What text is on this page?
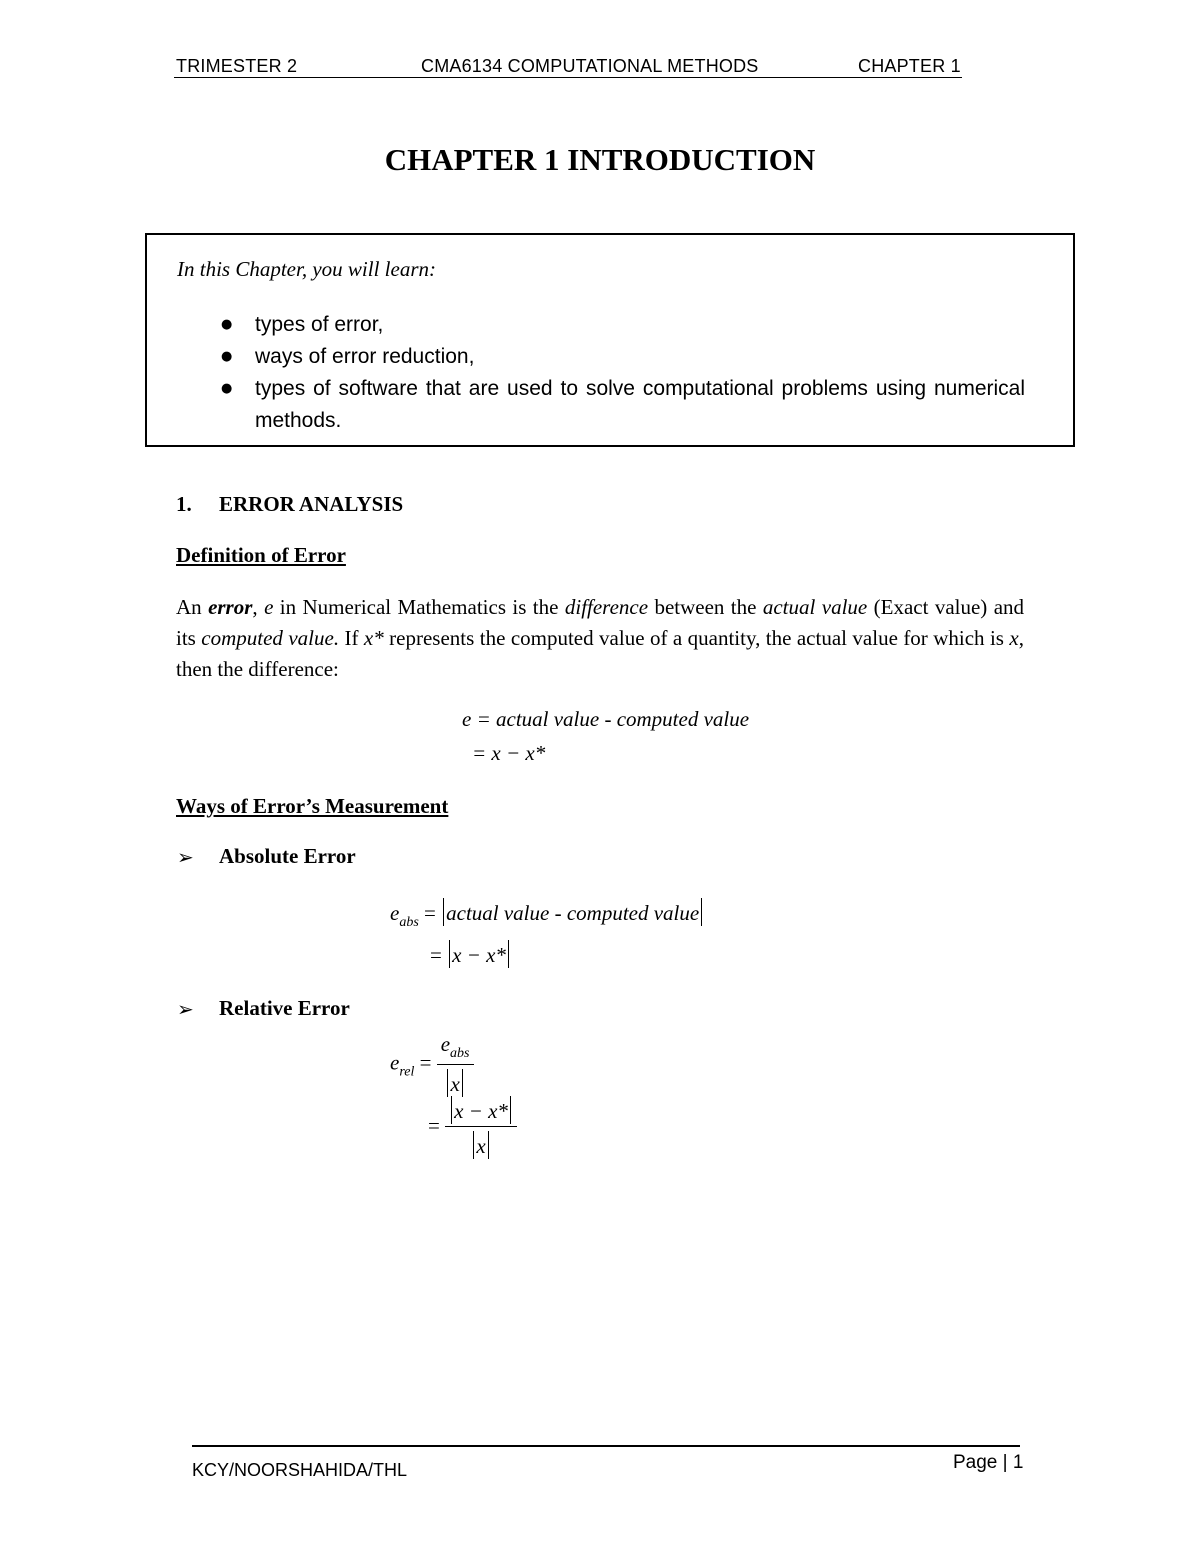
TRIMESTER 2	CMA6134 COMPUTATIONAL METHODS	CHAPTER 1
CHAPTER 1 INTRODUCTION
In this Chapter, you will learn:
● types of error,
● ways of error reduction,
● types of software that are used to solve computational problems using numerical methods.
1. ERROR ANALYSIS
Definition of Error
An error, e in Numerical Mathematics is the difference between the actual value (Exact value) and its computed value. If x* represents the computed value of a quantity, the actual value for which is x, then the difference:
e = actual value - computed value
= x − x*
Ways of Error’s Measurement
➢ Absolute Error
$e_{abs}$ = actual value - computed value
= x − x*
➢ Relative Error
$e_{rel} = \frac{e_{abs}}{x}$
= $\frac{x - x*}{x}$
KCY/NOORSHAHIDA/THL	Page | 1
